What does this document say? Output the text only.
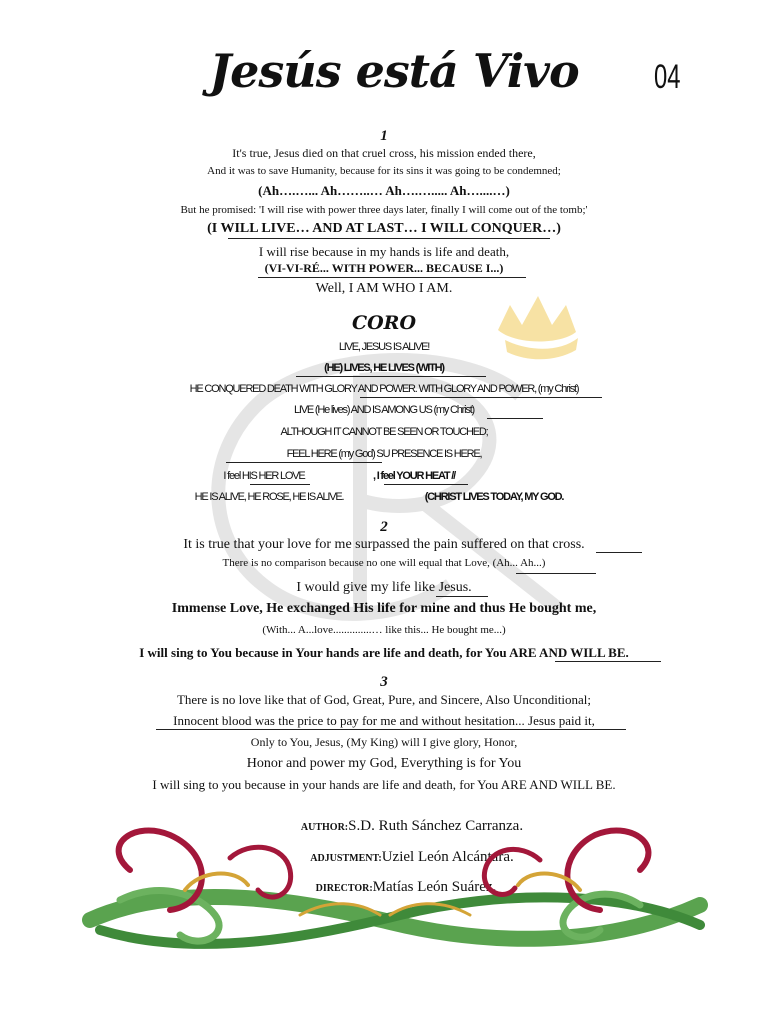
Jesús está Vivo	04
1
It's true, Jesus died on that cruel cross, his mission ended there,
And it was to save Humanity, because for its sins it was going to be condemned;
(Ah….…... Ah……..… Ah….…..... Ah…....…)
But he promised: 'I will rise with power three days later, finally I will come out of the tomb;'
(I WILL LIVE… AND AT LAST… I WILL CONQUER…)
I will rise because in my hands is life and death,
(VI-VI-RÉ... WITH POWER... BECAUSE I...)
Well, I AM WHO I AM.
CORO
LIVE, JESUS IS ALIVE!
(HE) LIVES, HE LIVES (WITH)
HE CONQUERED DEATH WITH GLORY AND POWER. WITH GLORY AND POWER, (my Christ)
LIVE (He lives) AND IS AMONG US (my Christ)
ALTHOUGH IT CANNOT BE SEEN OR TOUCHED;
FEEL HERE (my God) SU PRESENCE IS HERE,
I feel HIS HER LOVE	, I feel YOUR HEAT //
HE IS ALIVE, HE ROSE, HE IS ALIVE.	(CHRIST LIVES TODAY, MY GOD.
2
It is true that your love for me surpassed the pain suffered on that cross.
There is no comparison because no one will equal that Love, (Ah... Ah...)
I would give my life like Jesus.
Immense Love, He exchanged His life for mine and thus He bought me,
(With... A...love..............… like this... He bought me...)
I will sing to You because in Your hands are life and death, for You ARE AND WILL BE.
3
There is no love like that of God, Great, Pure, and Sincere, Also Unconditional;
Innocent blood was the price to pay for me and without hesitation... Jesus paid it,
Only to You, Jesus, (My King) will I give glory, Honor,
Honor and power my God, Everything is for You
I will sing to you because in your hands are life and death, for You ARE AND WILL BE.
AUTHOR:S.D. Ruth Sánchez Carranza.
ADJUSTMENT:Uziel León Alcántara.
DIRECTOR:Matías León Suárez.
